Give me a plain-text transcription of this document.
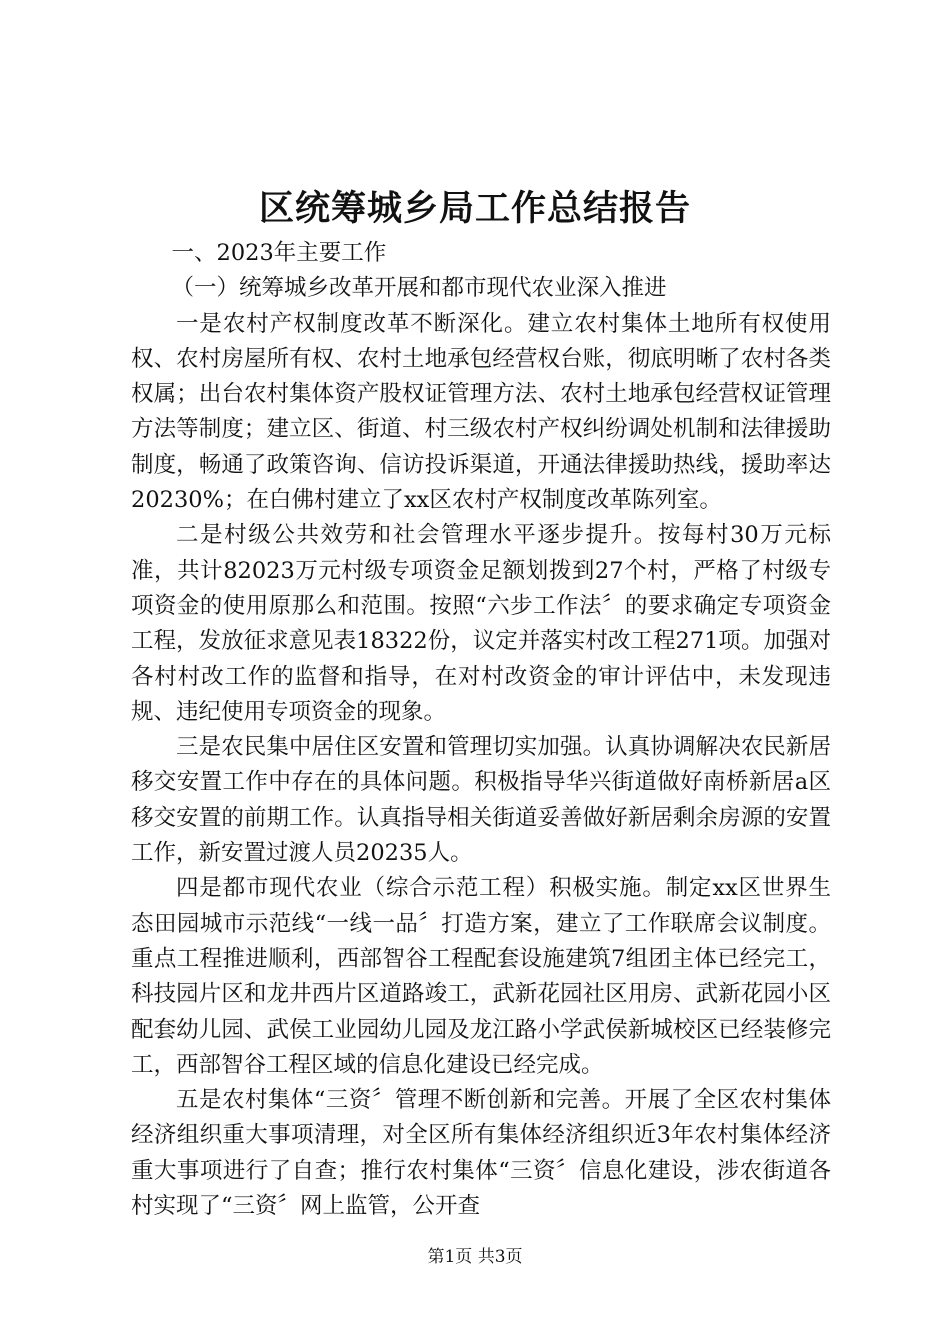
区统筹城乡局工作总结报告

一、2023年主要工作

（一）统筹城乡改革开展和都市现代农业深入推进

一是农村产权制度改革不断深化。建立农村集体土地所有权使用权、农村房屋所有权、农村土地承包经营权台账，彻底明晰了农村各类权属；出台农村集体资产股权证管理方法、农村土地承包经营权证管理方法等制度；建立区、街道、村三级农村产权纠纷调处机制和法律援助制度，畅通了政策咨询、信访投诉渠道，开通法律援助热线，援助率达20230%；在白佛村建立了xx区农村产权制度改革陈列室。

二是村级公共效劳和社会管理水平逐步提升。按每村30万元标准，共计82023万元村级专项资金足额划拨到27个村，严格了村级专项资金的使用原那么和范围。按照“六步工作法〞的要求确定专项资金工程，发放征求意见表18322份，议定并落实村改工程271项。加强对各村村改工作的监督和指导，在对村改资金的审计评估中，未发现违规、违纪使用专项资金的现象。

三是农民集中居住区安置和管理切实加强。认真协调解决农民新居移交安置工作中存在的具体问题。积极指导华兴街道做好南桥新居a区移交安置的前期工作。认真指导相关街道妥善做好新居剩余房源的安置工作，新安置过渡人员20235人。

四是都市现代农业（综合示范工程）积极实施。制定xx区世界生态田园城市示范线“一线一品〞打造方案，建立了工作联席会议制度。重点工程推进顺利，西部智谷工程配套设施建筑7组团主体已经完工，科技园片区和龙井西片区道路竣工，武新花园社区用房、武新花园小区配套幼儿园、武侯工业园幼儿园及龙江路小学武侯新城校区已经装修完工，西部智谷工程区域的信息化建设已经完成。

五是农村集体“三资〞管理不断创新和完善。开展了全区农村集体经济组织重大事项清理，对全区所有集体经济组织近3年农村集体经济重大事项进行了自查；推行农村集体“三资〞信息化建设，涉农街道各村实现了“三资〞网上监管，公开查

第1页 共3页
